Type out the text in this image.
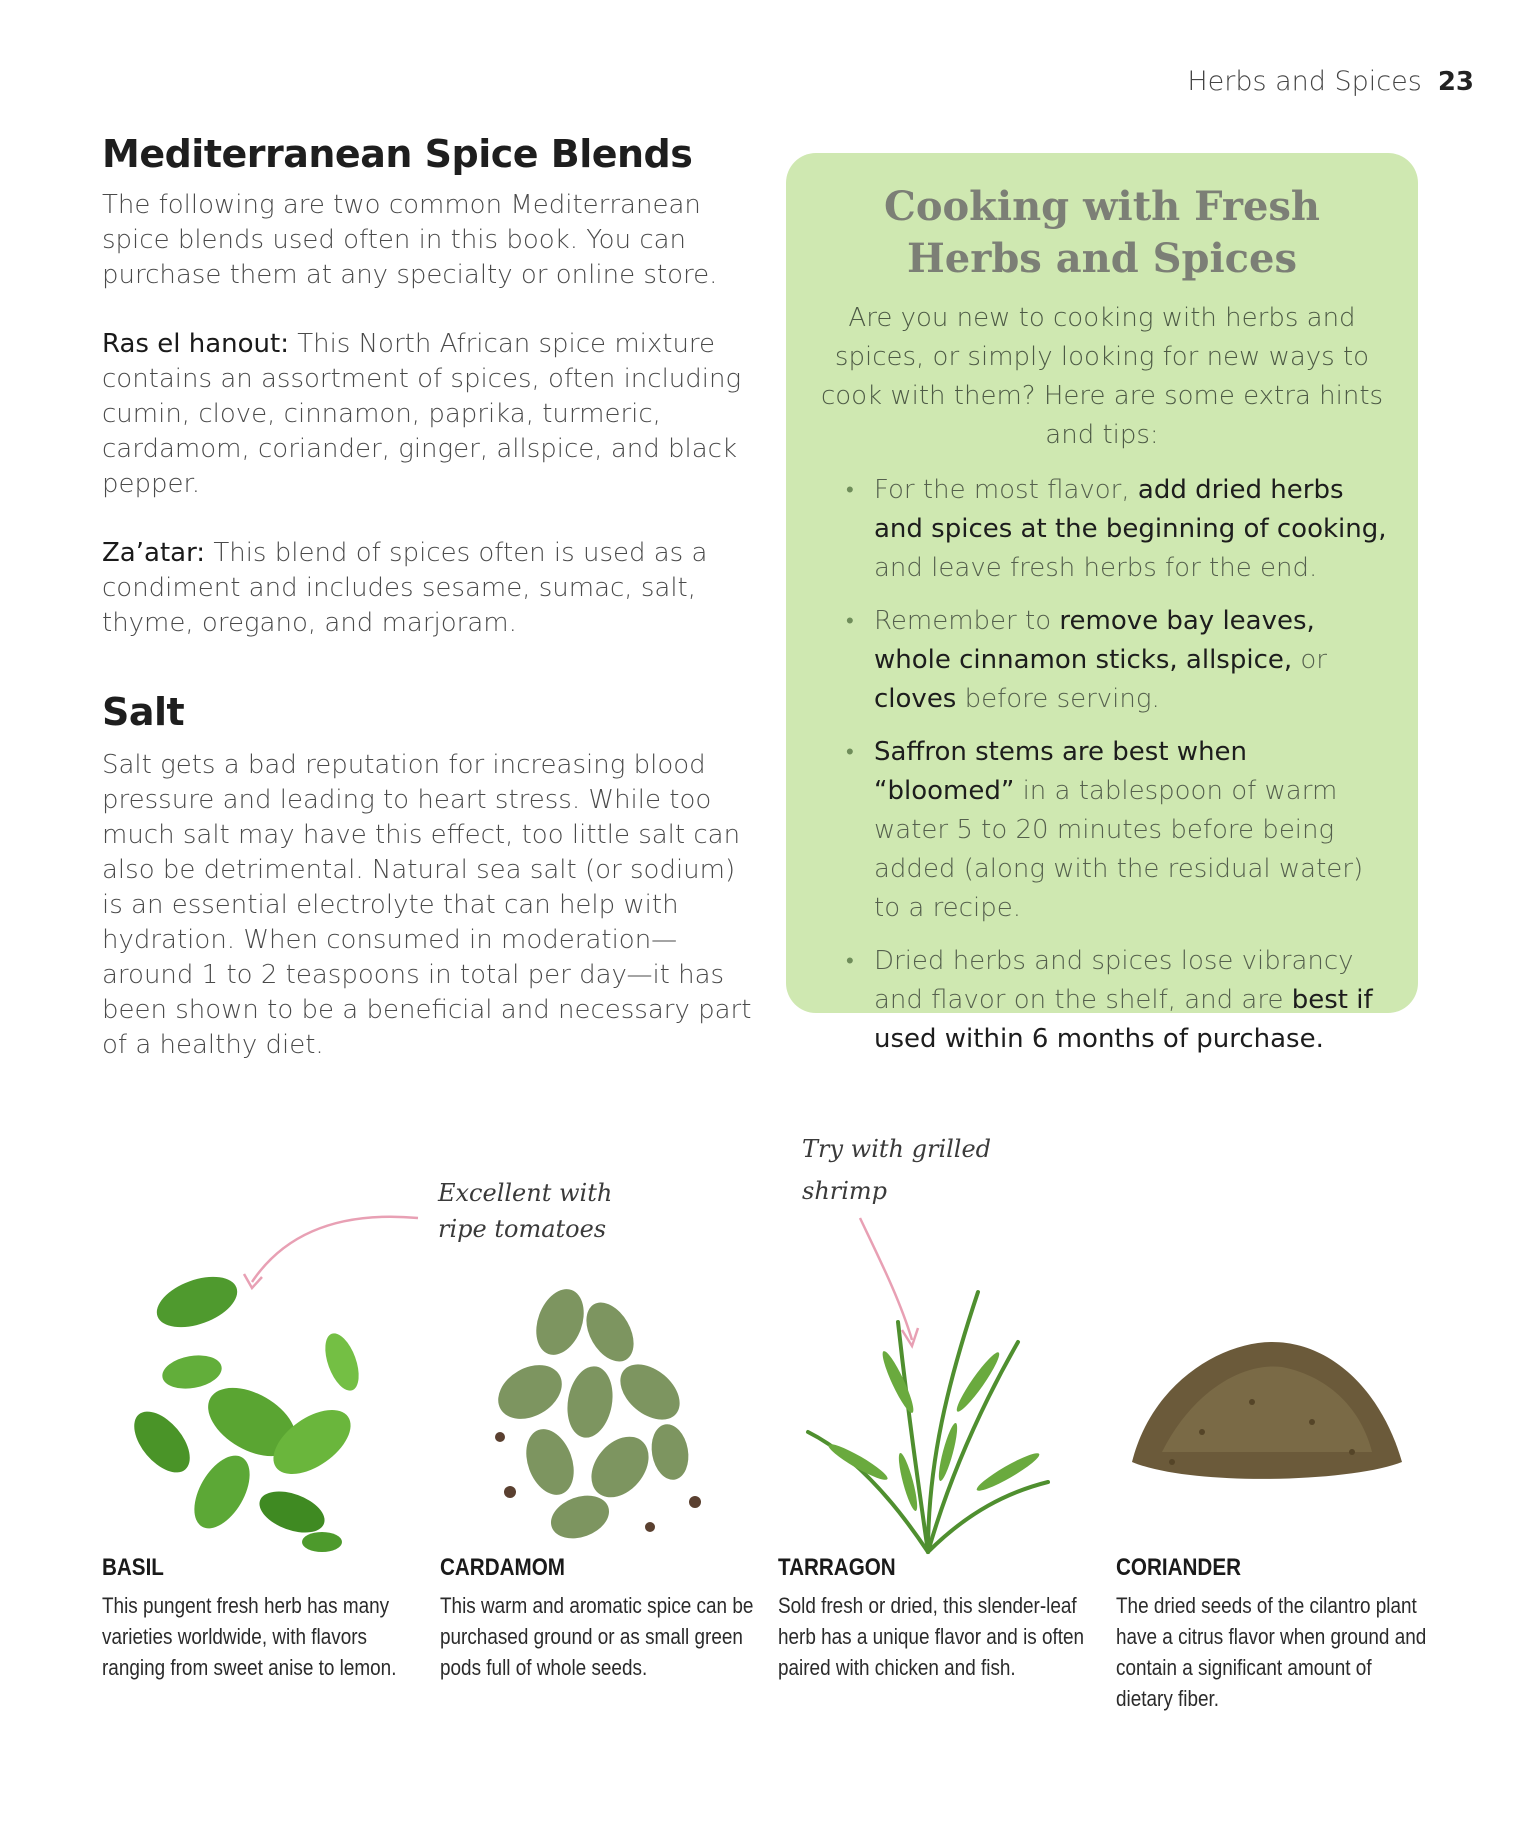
Herbs and Spices 23
Mediterranean Spice Blends

The following are two common Mediterranean spice blends used often in this book. You can purchase them at any specialty or online store.

Ras el hanout: This North African spice mixture contains an assortment of spices, often including cumin, clove, cinnamon, paprika, turmeric, cardamom, coriander, ginger, allspice, and black pepper.

Za’atar: This blend of spices often is used as a condiment and includes sesame, sumac, salt, thyme, oregano, and marjoram.

Salt

Salt gets a bad reputation for increasing blood pressure and leading to heart stress. While too much salt may have this effect, too little salt can also be detrimental. Natural sea salt (or sodium) is an essential electrolyte that can help with hydration. When consumed in moderation—around 1 to 2 teaspoons in total per day—it has been shown to be a beneficial and necessary part of a healthy diet.

Cooking with Fresh Herbs and Spices

Are you new to cooking with herbs and spices, or simply looking for new ways to cook with them? Here are some extra hints and tips:

• For the most flavor, add dried herbs and spices at the beginning of cooking, and leave fresh herbs for the end.
• Remember to remove bay leaves, whole cinnamon sticks, allspice, or cloves before serving.
• Saffron stems are best when “bloomed” in a tablespoon of warm water 5 to 20 minutes before being added (along with the residual water) to a recipe.
• Dried herbs and spices lose vibrancy and flavor on the shelf, and are best if used within 6 months of purchase.
Excellent with
ripe tomatoes
Try with grilled
shrimp
BASIL

This pungent fresh herb has many varieties worldwide, with flavors ranging from sweet anise to lemon.

CARDAMOM

This warm and aromatic spice can be purchased ground or as small green pods full of whole seeds.

TARRAGON

Sold fresh or dried, this slender-leaf herb has a unique flavor and is often paired with chicken and fish.

CORIANDER

The dried seeds of the cilantro plant have a citrus flavor when ground and contain a significant amount of dietary fiber.
